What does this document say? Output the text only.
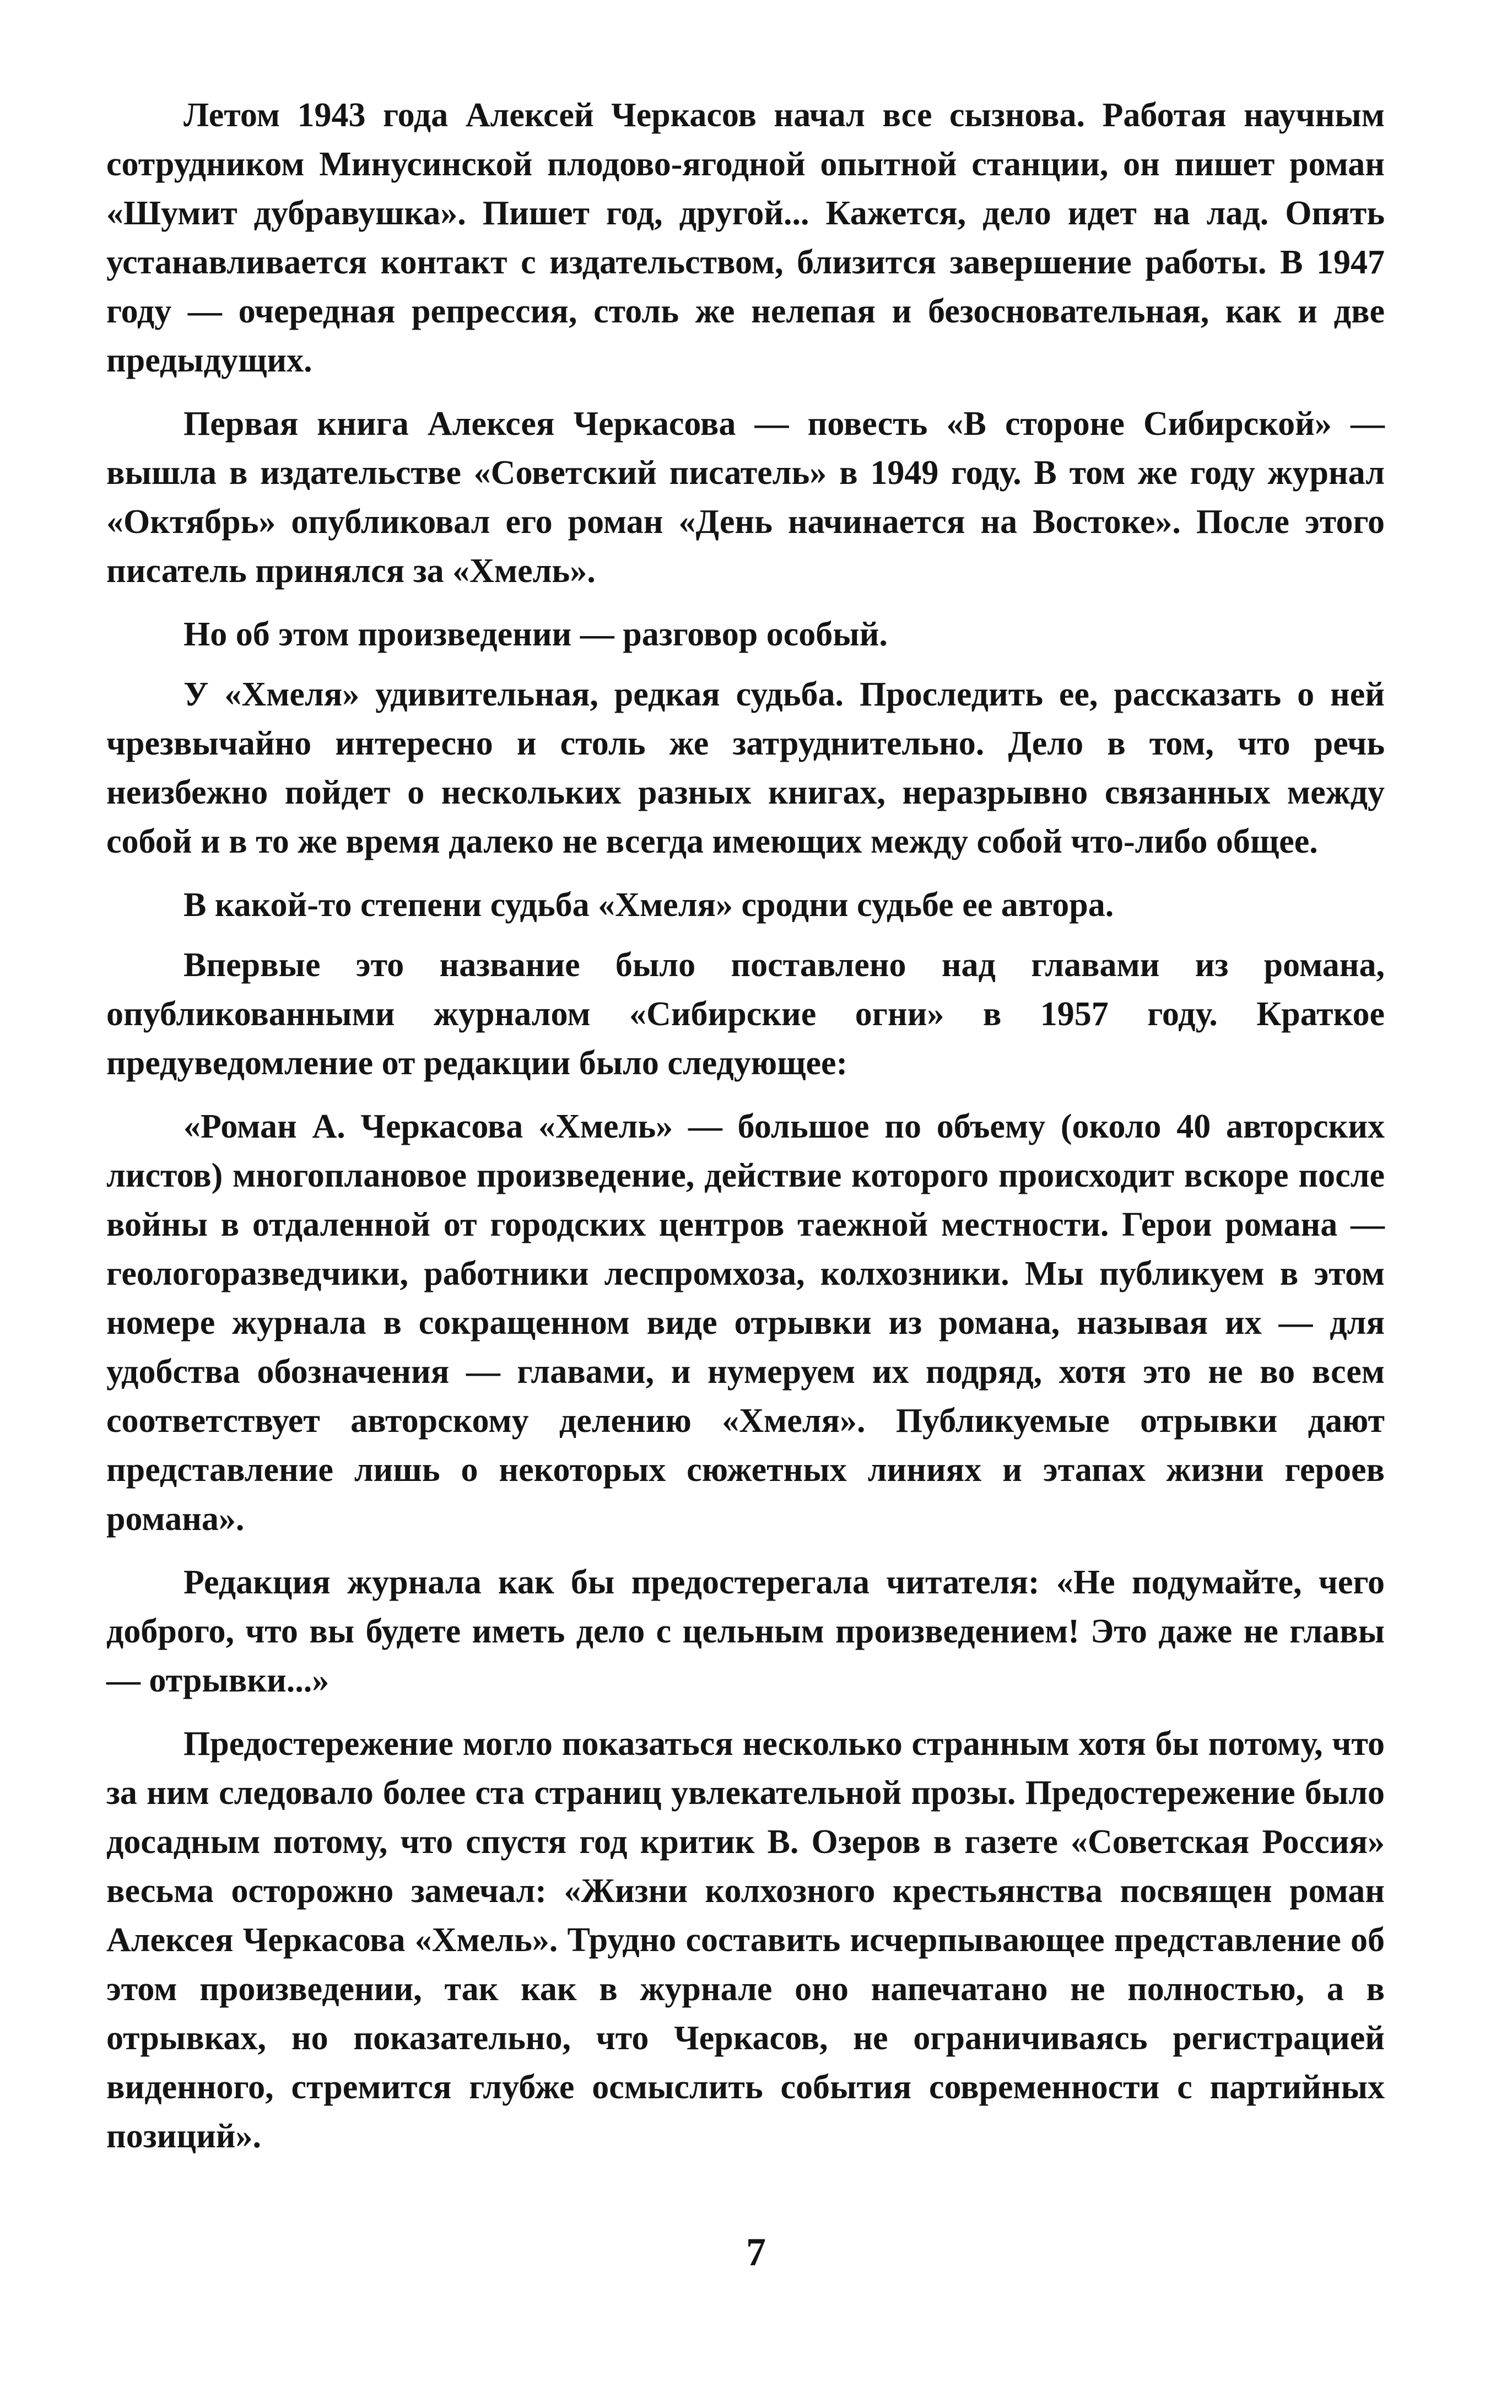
Летом 1943 года Алексей Черкасов начал все сызнова. Работая научным сотрудником Минусинской плодово-ягодной опытной станции, он пишет роман «Шумит дубравушка». Пишет год, другой... Кажется, дело идет на лад. Опять устанавливается контакт с издательством, близится завершение работы. В 1947 году — очередная репрессия, столь же нелепая и безосновательная, как и две предыдущих.

Первая книга Алексея Черкасова — повесть «В стороне Сибирской» — вышла в издательстве «Советский писатель» в 1949 году. В том же году журнал «Октябрь» опубликовал его роман «День начинается на Востоке». После этого писатель принялся за «Хмель».

Но об этом произведении — разговор особый.

У «Хмеля» удивительная, редкая судьба. Проследить ее, рассказать о ней чрезвычайно интересно и столь же затруднительно. Дело в том, что речь неизбежно пойдет о нескольких разных книгах, неразрывно связанных между собой и в то же время далеко не всегда имеющих между собой что-либо общее.

В какой-то степени судьба «Хмеля» сродни судьбе ее автора.

Впервые это название было поставлено над главами из романа, опубликованными журналом «Сибирские огни» в 1957 году. Краткое предуведомление от редакции было следующее:

«Роман А. Черкасова «Хмель» — большое по объему (около 40 авторских листов) многоплановое произведение, действие которого происходит вскоре после войны в отдаленной от городских центров таежной местности. Герои романа — геологоразведчики, работники леспромхоза, колхозники. Мы публикуем в этом номере журнала в сокращенном виде отрывки из романа, называя их — для удобства обозначения — главами, и нумеруем их подряд, хотя это не во всем соответствует авторскому делению «Хмеля». Публикуемые отрывки дают представление лишь о некоторых сюжетных линиях и этапах жизни героев романа».

Редакция журнала как бы предостерегала читателя: «Не подумайте, чего доброго, что вы будете иметь дело с цельным произведением! Это даже не главы — отрывки...»

Предостережение могло показаться несколько странным хотя бы потому, что за ним следовало более ста страниц увлекательной прозы. Предостережение было досадным потому, что спустя год критик В. Озеров в газете «Советская Россия» весьма осторожно замечал: «Жизни колхозного крестьянства посвящен роман Алексея Черкасова «Хмель». Трудно составить исчерпывающее представление об этом произведении, так как в журнале оно напечатано не полностью, а в отрывках, но показательно, что Черкасов, не ограничиваясь регистрацией виденного, стремится глубже осмыслить события современности с партийных позиций».

7
